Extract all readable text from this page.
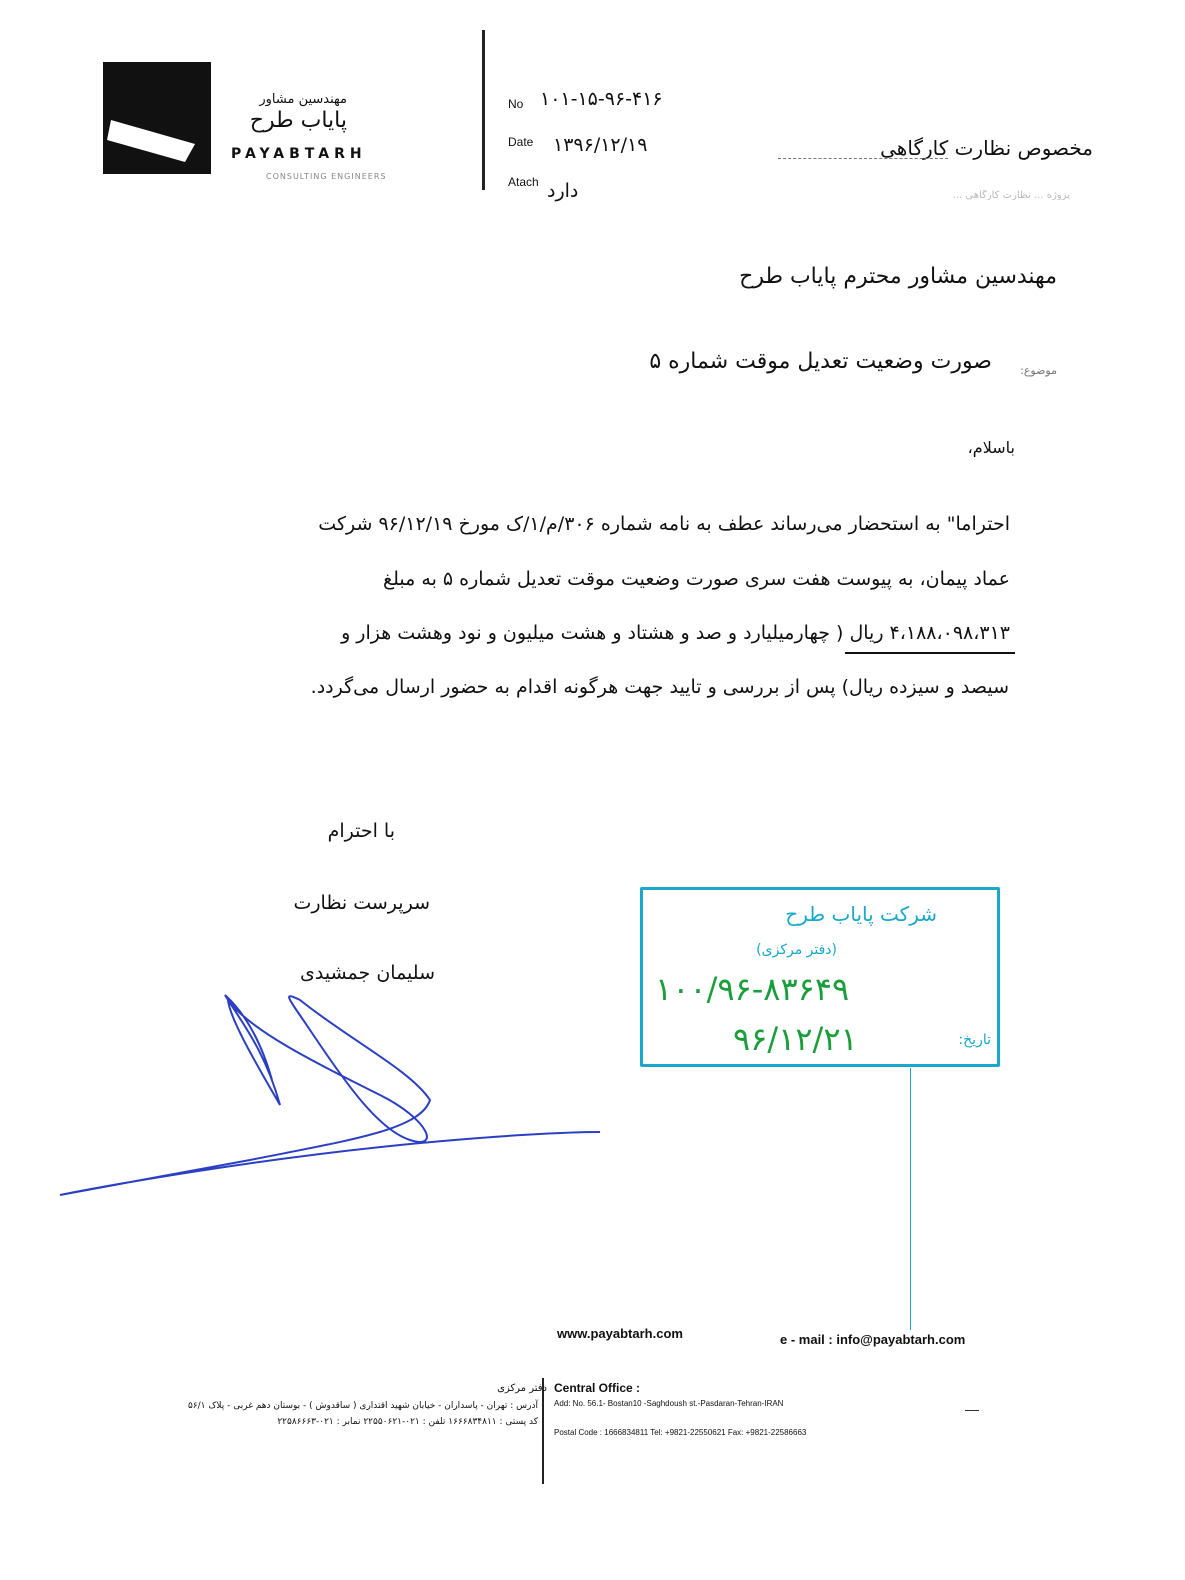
مهندسین مشاور
پایاب طرح
PAYABTARH
CONSULTING ENGINEERS
No ۱۰۱-۱۵-۹۶-۴۱۶
Date ۱۳۹۶/۱۲/۱۹
Atach دارد
مخصوص نظارت کارگاهی
پروژه ... نظارت کارگاهی ...
مهندسین مشاور محترم پایاب طرح
موضوع:
صورت وضعیت تعدیل موقت شماره ۵
باسلام،
احتراما" به استحضار می‌رساند عطف به نامه شماره ۳۰۶/م/۱/ک مورخ ۹۶/۱۲/۱۹ شرکت
عماد پیمان، به پیوست هفت سری صورت وضعیت موقت تعدیل شماره ۵ به مبلغ
۴،۱۸۸،۰۹۸،۳۱۳ ریال ( چهارمیلیارد و صد و هشتاد و هشت میلیون و نود وهشت هزار و
سیصد و سیزده ریال) پس از بررسی و تایید جهت هرگونه اقدام به حضور ارسال می‌گردد.
با احترام
سرپرست نظارت
سلیمان جمشیدی
شرکت پایاب طرح
(دفتر مرکزی)
۱۰۰/۹۶-۸۳۶۴۹
۹۶/۱۲/۲۱	تاریخ:
www.payabtarh.com	e - mail : info@payabtarh.com
دفتر مرکزی
آدرس : تهران - پاسداران - خیابان شهید اقتداری ( ساقدوش ) - بوستان دهم غربی - پلاک ۵۶/۱
کد پستی : ۱۶۶۶۸۳۴۸۱۱ تلفن : ۰۲۱-۲۲۵۵۰۶۲۱ نمابر : ۰۲۱-۲۲۵۸۶۶۶۳
Central Office :
Add: No. 56.1- Bostan10 -Saghdoush st.-Pasdaran-Tehran-IRAN
Postal Code : 1666834811 Tel: +9821-22550621 Fax: +9821-22586663
